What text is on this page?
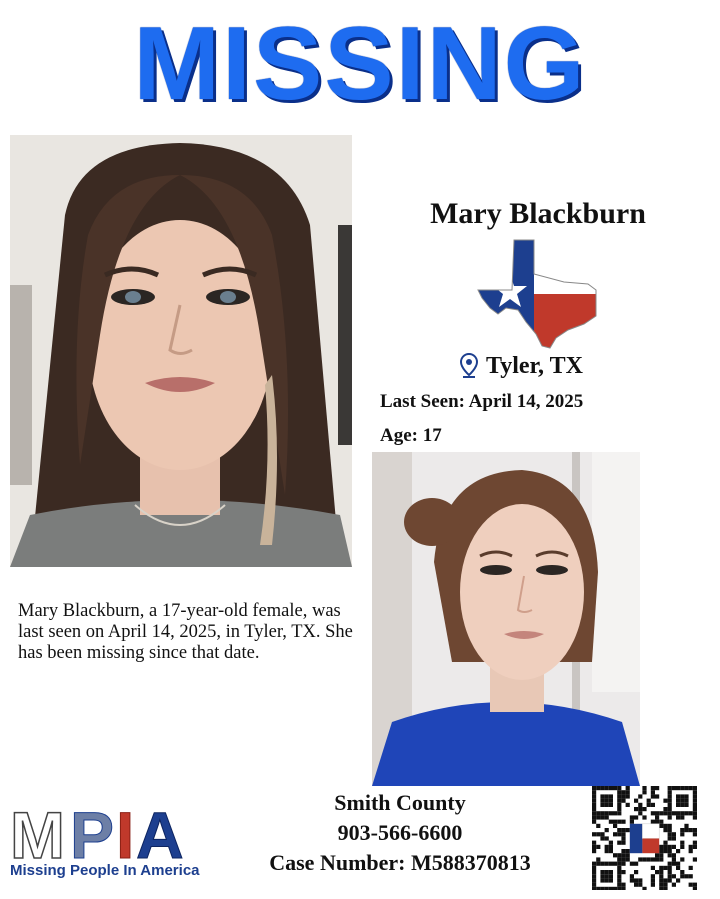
MISSING
Mary Blackburn
Tyler, TX
Last Seen: April 14, 2025
Age: 17
Mary Blackburn, a 17-year-old female, was last seen on April 14, 2025, in Tyler, TX. She has been missing since that date.
M P I A
Missing People In America
Smith County
903-566-6600
Case Number: M588370813
